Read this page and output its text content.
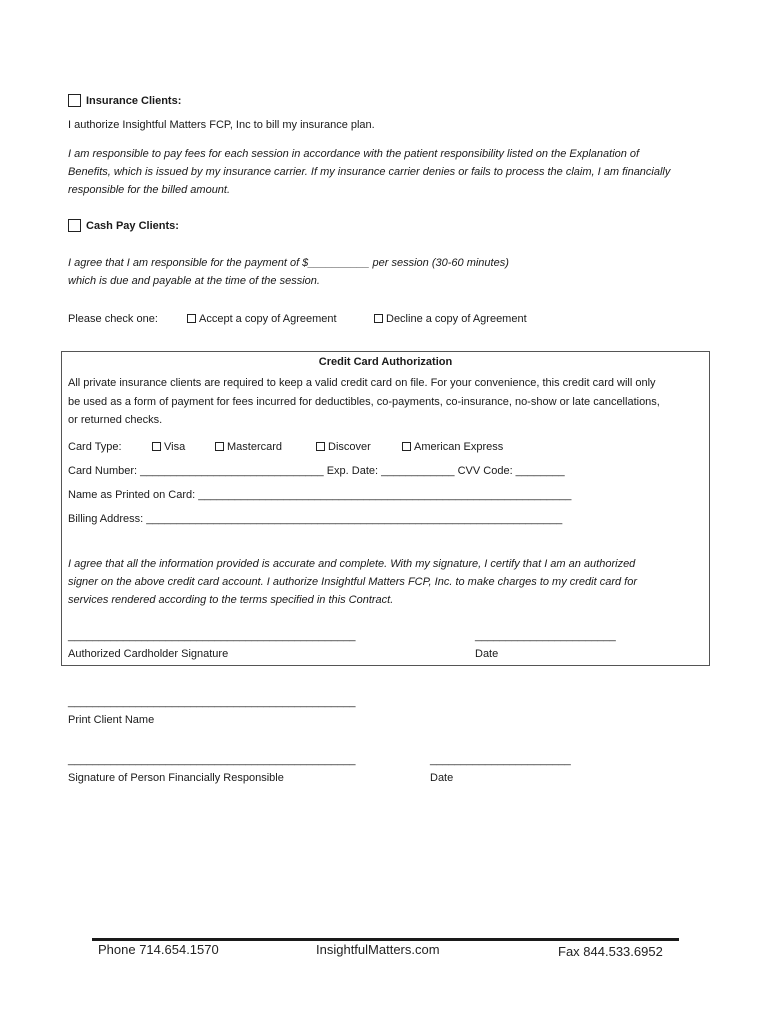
Insurance Clients:
I authorize Insightful Matters FCP, Inc to bill my insurance plan.
I am responsible to pay fees for each session in accordance with the patient responsibility listed on the Explanation of
Benefits, which is issued by my insurance carrier. If my insurance carrier denies or fails to process the claim, I am financially
responsible for the billed amount.
Cash Pay Clients:
I agree that I am responsible for the payment of $__________ per session (30-60 minutes)
which is due and payable at the time of the session.
Please check one:	Accept a copy of Agreement	Decline a copy of Agreement
Credit Card Authorization
All private insurance clients are required to keep a valid credit card on file. For your convenience, this credit card will only
be used as a form of payment for fees incurred for deductibles, co-payments, co-insurance, no-show or late cancellations,
or returned checks.
Card Type:	Visa	Mastercard	Discover	American Express
Card Number: ______________________________ Exp. Date: ____________ CVV Code: ________
Name as Printed on Card: _____________________________________________________________
Billing Address: ____________________________________________________________________
I agree that all the information provided is accurate and complete. With my signature, I certify that I am an authorized
signer on the above credit card account. I authorize Insightful Matters FCP, Inc. to make charges to my credit card for
services rendered according to the terms specified in this Contract.
_______________________________________________
Authorized Cardholder Signature
_______________________
Date
_______________________________________________
Print Client Name
_______________________________________________
Signature of Person Financially Responsible
_______________________
Date
Phone 714.654.1570	InsightfulMatters.com	Fax 844.533.6952
